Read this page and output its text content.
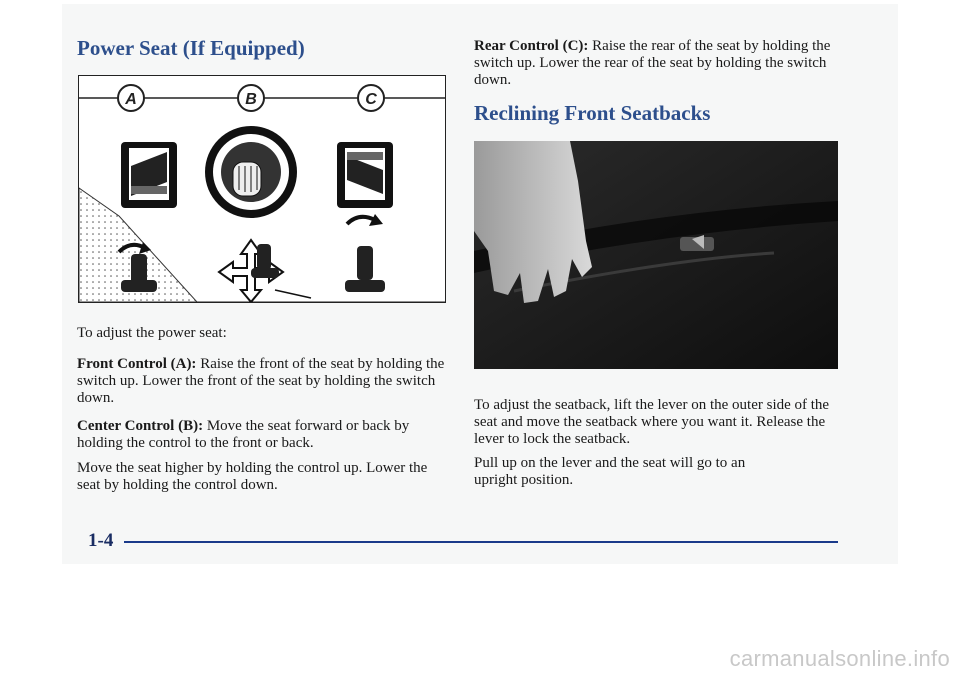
Power Seat (If Equipped)
A	B	C

To adjust the power seat:

Front Control (A): Raise the front of the seat by holding the switch up. Lower the front of the seat by holding the switch down.

Center Control (B): Move the seat forward or back by holding the control to the front or back.

Move the seat higher by holding the control up. Lower the seat by holding the control down.

Rear Control (C): Raise the rear of the seat by holding the switch up. Lower the rear of the seat by holding the switch down.

Reclining Front Seatbacks

To adjust the seatback, lift the lever on the outer side of the seat and move the seatback where you want it. Release the lever to lock the seatback.

Pull up on the lever and the seat will go to an upright position.

1-4

carmanualsonline.info
